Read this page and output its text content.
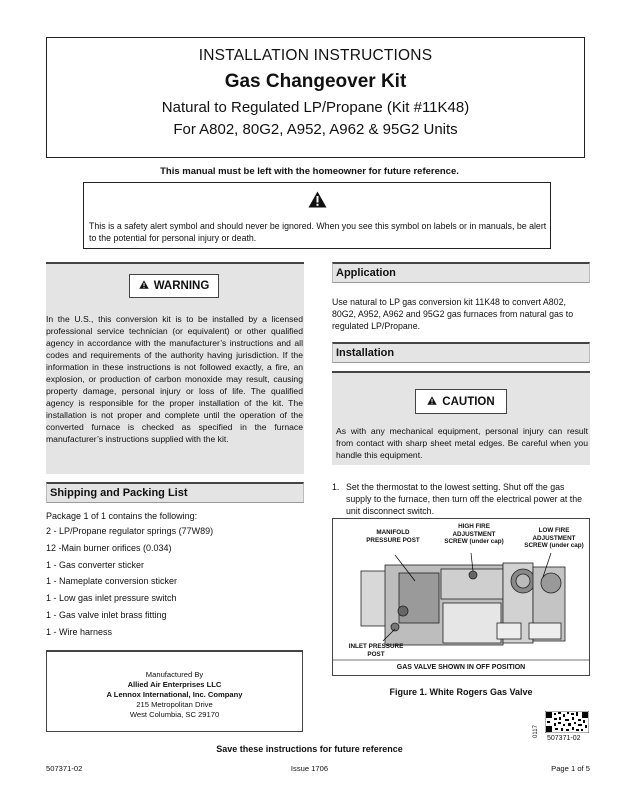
INSTALLATION INSTRUCTIONS
Gas Changeover Kit
Natural to Regulated LP/Propane (Kit #11K48)
For A802, 80G2, A952, A962 & 95G2 Units
This manual must be left with the homeowner for future reference.
This is a safety alert symbol and should never be ignored. When you see this symbol on labels or in manuals, be alert to the potential for personal injury or death.
WARNING
In the U.S., this conversion kit is to be installed by a licensed professional service technician (or equivalent) or other qualified agency in accordance with the manufacturer’s instructions and all codes and requirements of the authority having jurisdiction. If the information in these instructions is not followed exactly, a fire, an explosion, or production of carbon monoxide may result, causing property damage, personal injury or loss of life. The qualified agency is responsible for the proper installation of the kit. The installation is not proper and complete until the operation of the converted furnace is checked as specified in the furnace manufacturer’s instructions supplied with the kit.
Shipping and Packing List
Package 1 of 1 contains the following:
2 - LP/Propane regulator springs (77W89)
12 -Main burner orifices (0.034)
1 - Gas converter sticker
1 - Nameplate conversion sticker
1 - Low gas inlet pressure switch
1 - Gas valve inlet brass fitting
1 - Wire harness
Manufactured By
Allied Air Enterprises LLC
A Lennox International, Inc. Company
215 Metropolitan Drive
West Columbia, SC 29170
Application
Use natural to LP gas conversion kit 11K48 to convert A802, 80G2, A952, A962 and 95G2 gas furnaces from natural gas to regulated LP/Propane.
Installation
CAUTION
As with any mechanical equipment, personal injury can result from contact with sharp sheet metal edges. Be careful when you handle this equipment.
1. Set the thermostat to the lowest setting. Shut off the gas supply to the furnace, then turn off the electrical power at the unit disconnect switch.
MANIFOLD PRESSURE POST
HIGH FIRE ADJUSTMENT SCREW (under cap)
LOW FIRE ADJUSTMENT SCREW (under cap)
INLET PRESSURE POST
GAS VALVE SHOWN IN OFF POSITION
Figure 1. White Rogers Gas Valve
0117
507371-02
Save these instructions for future reference
507371-02	Issue 1706	Page 1 of 5
